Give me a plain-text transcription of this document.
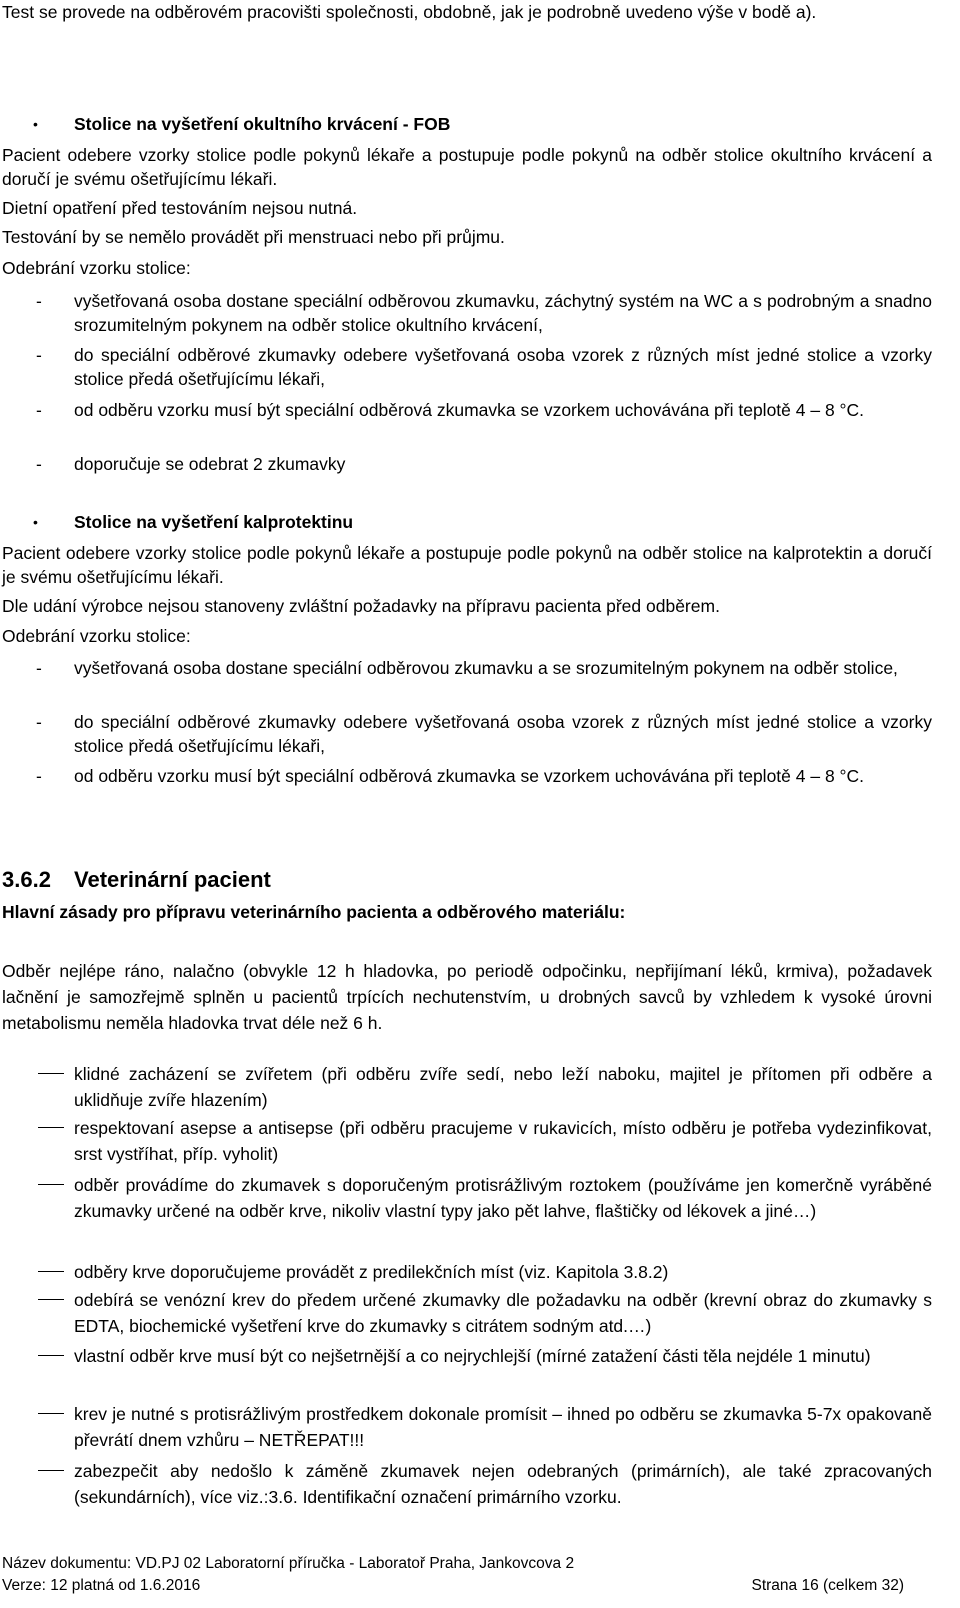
Test se provede na odběrovém pracovišti společnosti, obdobně, jak je podrobně uvedeno výše v bodě a).

• Stolice na vyšetření okultního krvácení - FOB

Pacient odebere vzorky stolice podle pokynů lékaře a postupuje podle pokynů na odběr stolice okultního krvácení a doručí je svému ošetřujícímu lékaři.

Dietní opatření před testováním nejsou nutná.

Testování by se nemělo provádět při menstruaci nebo při průjmu.

Odebrání vzorku stolice:

- vyšetřovaná osoba dostane speciální odběrovou zkumavku, záchytný systém na WC a s podrobným a snadno srozumitelným pokynem na odběr stolice okultního krvácení,
- do speciální odběrové zkumavky odebere vyšetřovaná osoba vzorek z různých míst jedné stolice a vzorky stolice předá ošetřujícímu lékaři,
- od odběru vzorku musí být speciální odběrová zkumavka se vzorkem uchovávána při teplotě 4 – 8 °C.
- doporučuje se odebrat 2 zkumavky
• Stolice na vyšetření kalprotektinu

Pacient odebere vzorky stolice podle pokynů lékaře a postupuje podle pokynů na odběr stolice na kalprotektin a doručí je svému ošetřujícímu lékaři.

Dle udání výrobce nejsou stanoveny zvláštní požadavky na přípravu pacienta před odběrem.

Odebrání vzorku stolice:

- vyšetřovaná osoba dostane speciální odběrovou zkumavku a se srozumitelným pokynem na odběr stolice,
- do speciální odběrové zkumavky odebere vyšetřovaná osoba vzorek z různých míst jedné stolice a vzorky stolice předá ošetřujícímu lékaři,
- od odběru vzorku musí být speciální odběrová zkumavka se vzorkem uchovávána při teplotě 4 – 8 °C.
3.6.2 Veterinární pacient
Hlavní zásady pro přípravu veterinárního pacienta a odběrového materiálu:

Odběr nejlépe ráno, nalačno (obvykle 12 h hladovka, po periodě odpočinku, nepřijímaní léků, krmiva), požadavek lačnění je samozřejmě splněn u pacientů trpících nechutenstvím, u drobných savců by vzhledem k vysoké úrovni metabolismu neměla hladovka trvat déle než 6 h.

klidné zacházení se zvířetem (při odběru zvíře sedí, nebo leží naboku, majitel je přítomen při odběre a uklidňuje zvíře hlazením)
respektovaní asepse a antisepse (při odběru pracujeme v rukavicích, místo odběru je potřeba vydezinfikovat, srst vystříhat, příp. vyholit)
odběr provádíme do zkumavek s doporučeným protisrážlivým roztokem (používáme jen komerčně vyráběné zkumavky určené na odběr krve, nikoliv vlastní typy jako pět lahve, flaštičky od lékovek a jiné…)
odběry krve doporučujeme provádět z predilekčních míst (viz. Kapitola 3.8.2)
odebírá se venózní krev do předem určené zkumavky dle požadavku na odběr (krevní obraz do zkumavky s EDTA, biochemické vyšetření krve do zkumavky s citrátem sodným atd.…)
vlastní odběr krve musí být co nejšetrnější a co nejrychlejší (mírné zatažení části těla nejdéle 1 minutu)
krev je nutné s protisrážlivým prostředkem dokonale promísit – ihned po odběru se zkumavka 5-7x opakovaně převrátí dnem vzhůru – NETŘEPAT!!!
zabezpečit aby nedošlo k záměně zkumavek nejen odebraných (primárních), ale také zpracovaných (sekundárních), více viz.:3.6. Identifikační označení primárního vzorku.
Název dokumentu: VD.PJ 02 Laboratorní příručka - Laboratoř Praha, Jankovcova 2
Verze: 12 platná od 1.6.2016	Strana 16 (celkem 32)
